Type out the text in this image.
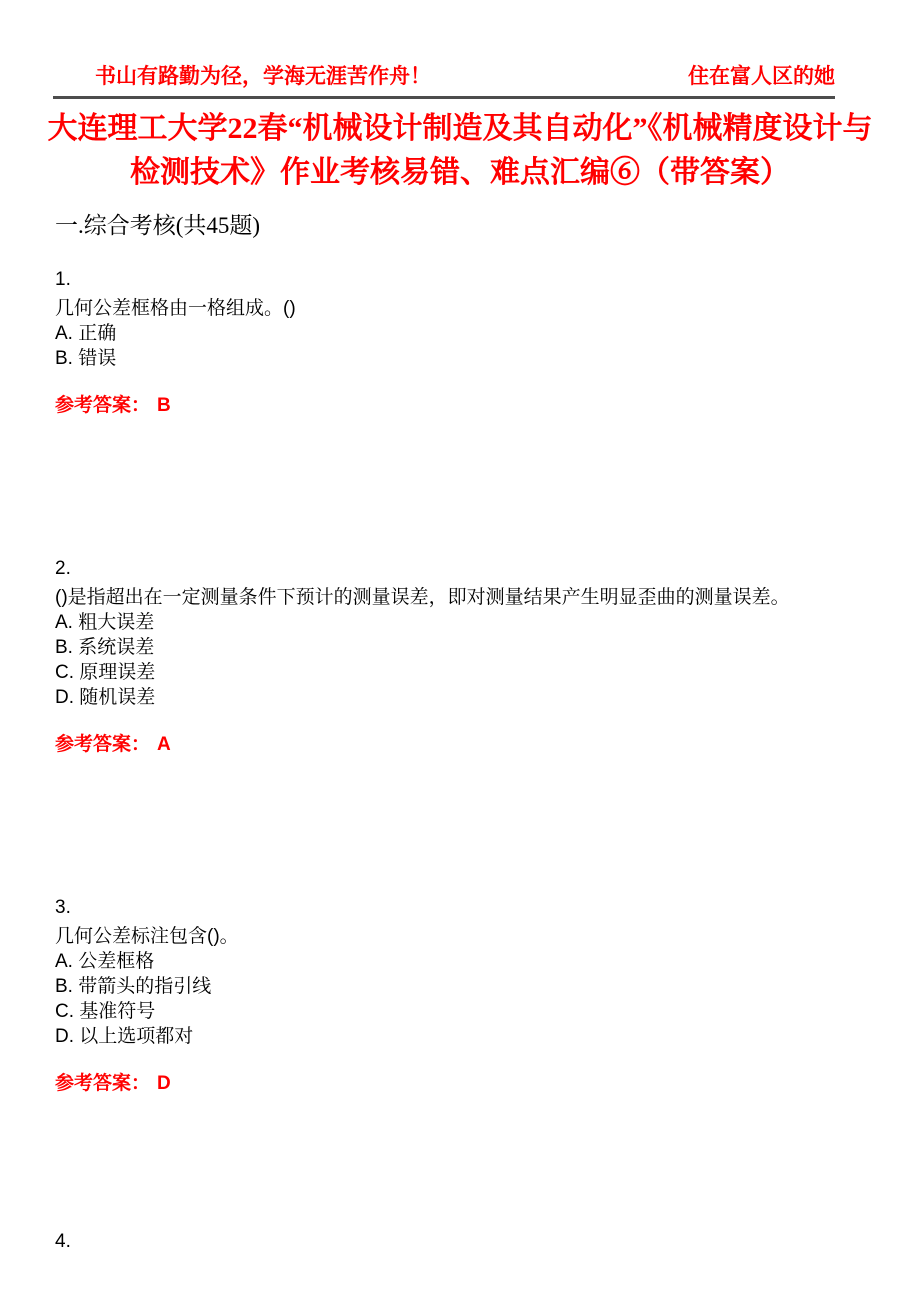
书山有路勤为径，学海无涯苦作舟！	住在富人区的她
大连理工大学22春“机械设计制造及其自动化”《机械精度设计与检测技术》作业考核易错、难点汇编⑥（带答案）
一.综合考核(共45题)
1.
几何公差框格由一格组成。()
A. 正确
B. 错误
参考答案： B
2.
()是指超出在一定测量条件下预计的测量误差，即对测量结果产生明显歪曲的测量误差。
A. 粗大误差
B. 系统误差
C. 原理误差
D. 随机误差
参考答案： A
3.
几何公差标注包含()。
A. 公差框格
B. 带箭头的指引线
C. 基准符号
D. 以上选项都对
参考答案： D
4.
